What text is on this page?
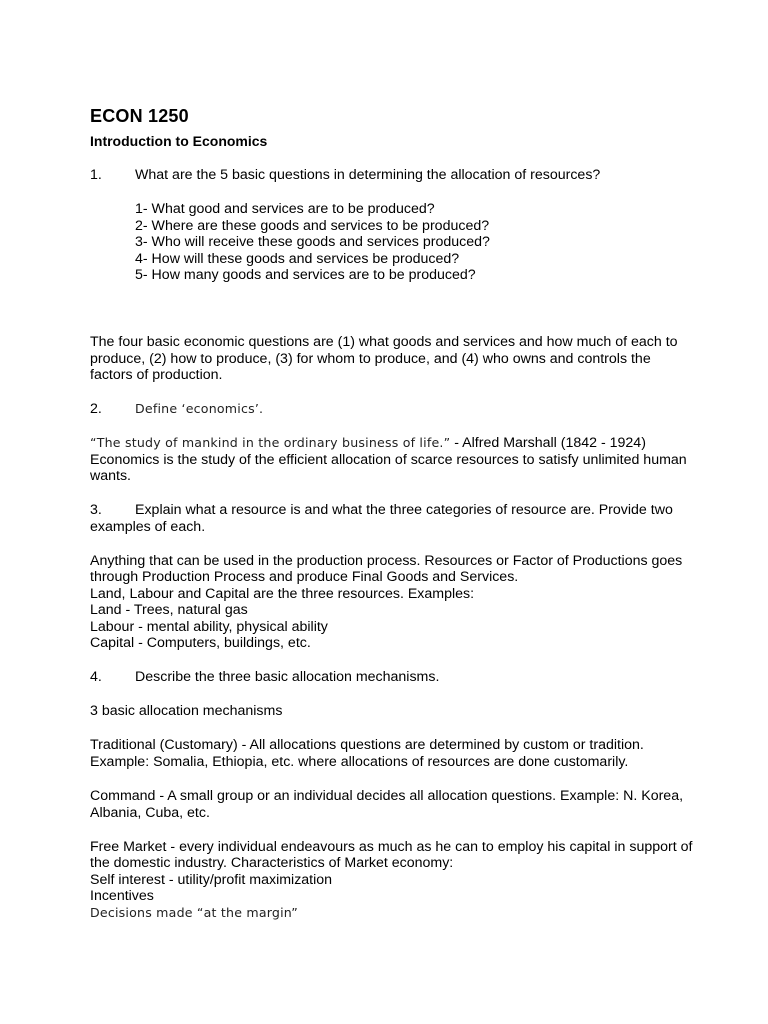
ECON 1250
Introduction to Economics
1. What are the 5 basic questions in determining the allocation of resources?
1- What good and services are to be produced?
2- Where are these goods and services to be produced?
3- Who will receive these goods and services produced?
4- How will these goods and services be produced?
5- How many goods and services are to be produced?
The four basic economic questions are (1) what goods and services and how much of each to
produce, (2) how to produce, (3) for whom to produce, and (4) who owns and controls the
factors of production.
2.	Define ‘economics’.
“The study of mankind in the ordinary business of life.” - Alfred Marshall (1842 - 1924)
Economics is the study of the efficient allocation of scarce resources to satisfy unlimited human
wants.
3. Explain what a resource is and what the three categories of resource are. Provide two
examples of each.
Anything that can be used in the production process. Resources or Factor of Productions goes
through Production Process and produce Final Goods and Services.
Land, Labour and Capital are the three resources. Examples:
Land - Trees, natural gas
Labour - mental ability, physical ability
Capital - Computers, buildings, etc.
4. Describe the three basic allocation mechanisms.
3 basic allocation mechanisms
Traditional (Customary) - All allocations questions are determined by custom or tradition.
Example: Somalia, Ethiopia, etc. where allocations of resources are done customarily.
Command - A small group or an individual decides all allocation questions. Example: N. Korea,
Albania, Cuba, etc.
Free Market - every individual endeavours as much as he can to employ his capital in support of
the domestic industry. Characteristics of Market economy:
Self interest - utility/profit maximization
Incentives
Decisions made “at the margin”
